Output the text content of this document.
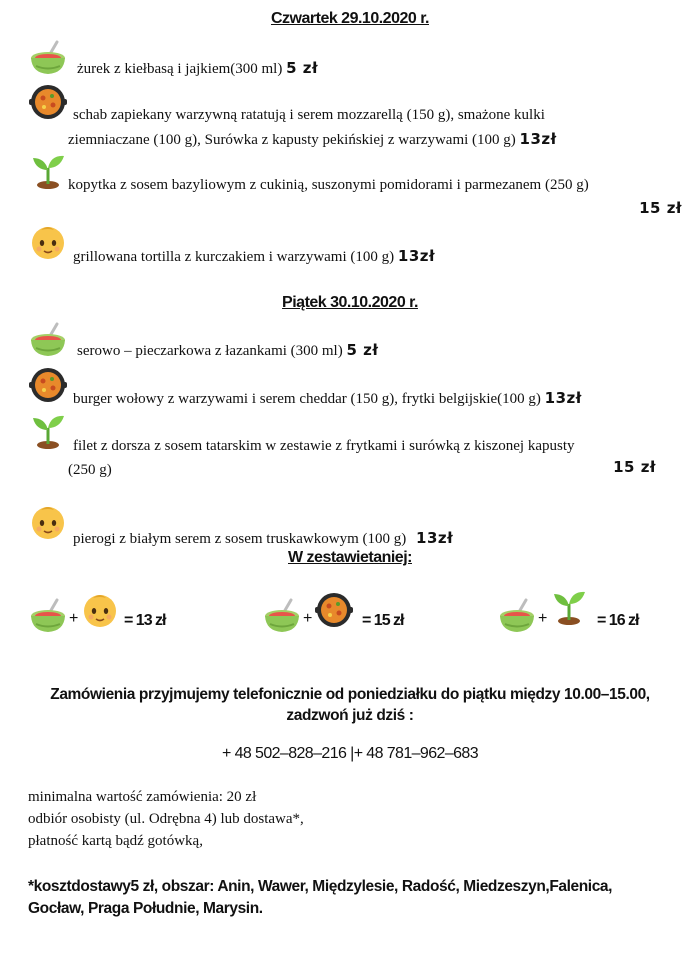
Czwartek 29.10.2020 r.
żurek z kiełbasą i jajkiem(300 ml) 5 zł
schab zapiekany warzywną ratatują i serem mozzarellą (150 g), smażone kulki
ziemniaczane (100 g), Surówka z kapusty pekińskiej z warzywami (100 g) 13zł
kopytka z sosem bazyliowym z cukinią, suszonymi pomidorami i parmezanem (250 g)
15 zł
grillowana tortilla z kurczakiem i warzywami (100 g) 13zł
Piątek 30.10.2020 r.
serowo – pieczarkowa z łazankami (300 ml) 5 zł
burger wołowy z warzywami i serem cheddar (150 g), frytki belgijskie(100 g) 13zł
filet z dorsza z sosem tatarskim w zestawie z frytkami i surówką z kiszonej kapusty
(250 g)	15 zł
pierogi z białym serem z sosem truskawkowym (100 g) 13zł
W zestawietaniej:
+	= 13 zł	+	= 15 zł	+	= 16 zł
Zamówienia przyjmujemy telefonicznie od poniedziałku do piątku między 10.00–15.00,
zadzwoń już dziś :
+ 48 502–828–216 |+ 48 781–962–683
minimalna wartość zamówienia: 20 zł
odbiór osobisty (ul. Odrębna 4) lub dostawa*,
płatność kartą bądź gotówką,
*kosztdostawy5 zł, obszar: Anin, Wawer, Międzylesie, Radość, Miedzeszyn,Falenica,
Gocław, Praga Południe, Marysin.
